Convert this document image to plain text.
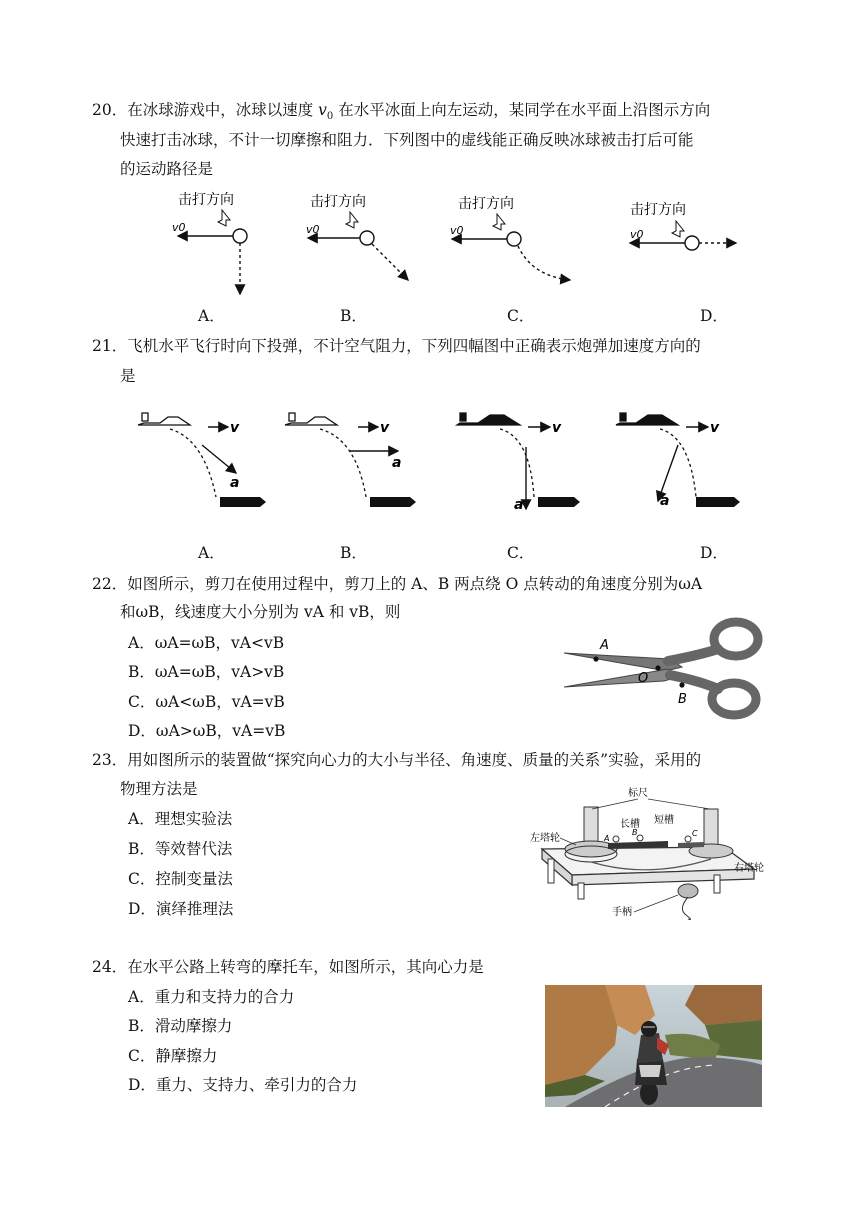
20．在冰球游戏中，冰球以速度 $v_0$ 在水平冰面上向左运动，某同学在水平面上沿图示方向
快速打击冰球，不计一切摩擦和阻力．下列图中的虚线能正确反映冰球被击打后可能
的运动路径是
击打方向
v0
击打方向
v0
击打方向
v0
击打方向
v0
A．	B．	C．	D．
21．飞机水平飞行时向下投弹，不计空气阻力，下列四幅图中正确表示炮弹加速度方向的
是
v
a
v
a
v
a
v
a
A．	B．	C．	D．
22．如图所示，剪刀在使用过程中，剪刀上的 A、B 两点绕 O 点转动的角速度分别为ωA
和ωB，线速度大小分别为 vA 和 vB，则
A．ωA=ωB，vA<vB
B．ωA=ωB，vA>vB
C．ωA<ωB，vA=vB
D．ωA>ωB，vA=vB
A
O
B
23．用如图所示的装置做“探究向心力的大小与半径、角速度、质量的关系”实验，采用的
物理方法是
A．理想实验法
B．等效替代法
C．控制变量法
D．演绎推理法
标尺
长槽 短槽
左塔轮
右塔轮
手柄
A
B	C
24．在水平公路上转弯的摩托车，如图所示，其向心力是
A．重力和支持力的合力
B．滑动摩擦力
C．静摩擦力
D．重力、支持力、牵引力的合力
